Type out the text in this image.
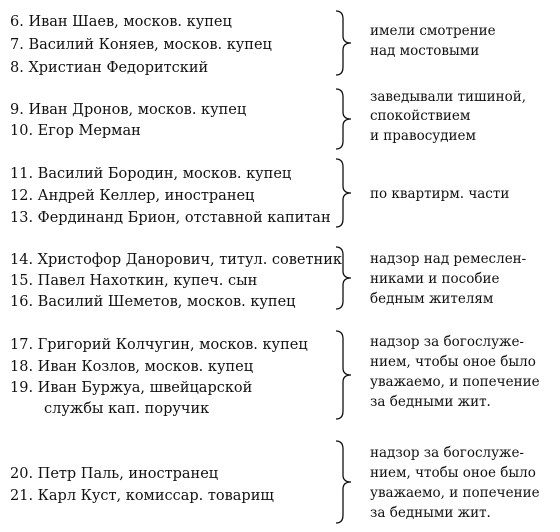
6. Иван Шаев, москов. купец
7. Василий Коняев, москов. купец
8. Христиан Федоритский
имели смотрение
над мостовыми
9. Иван Дронов, москов. купец
10. Егор Мерман
заведывали тишиной,
спокойствием
и правосудием
11. Василий Бородин, москов. купец
12. Андрей Келлер, иностранец
13. Фердинанд Брион, отставной капитан
по квартирм. части
14. Христофор Данорович, титул. советник
15. Павел Нахоткин, купеч. сын
16. Василий Шеметов, москов. купец
надзор над ремеслен-
никами и пособие
бедным жителям
17. Григорий Колчугин, москов. купец
18. Иван Козлов, москов. купец
19. Иван Буржуа, швейцарской
службы кап. поручик
надзор за богослуже-
нием, чтобы оное было
уважаемо, и попечение
за бедными жит.
20. Петр Паль, иностранец
21. Карл Куст, комиссар. товарищ
надзор за богослуже-
нием, чтобы оное было
уважаемо, и попечение
за бедными жит.
